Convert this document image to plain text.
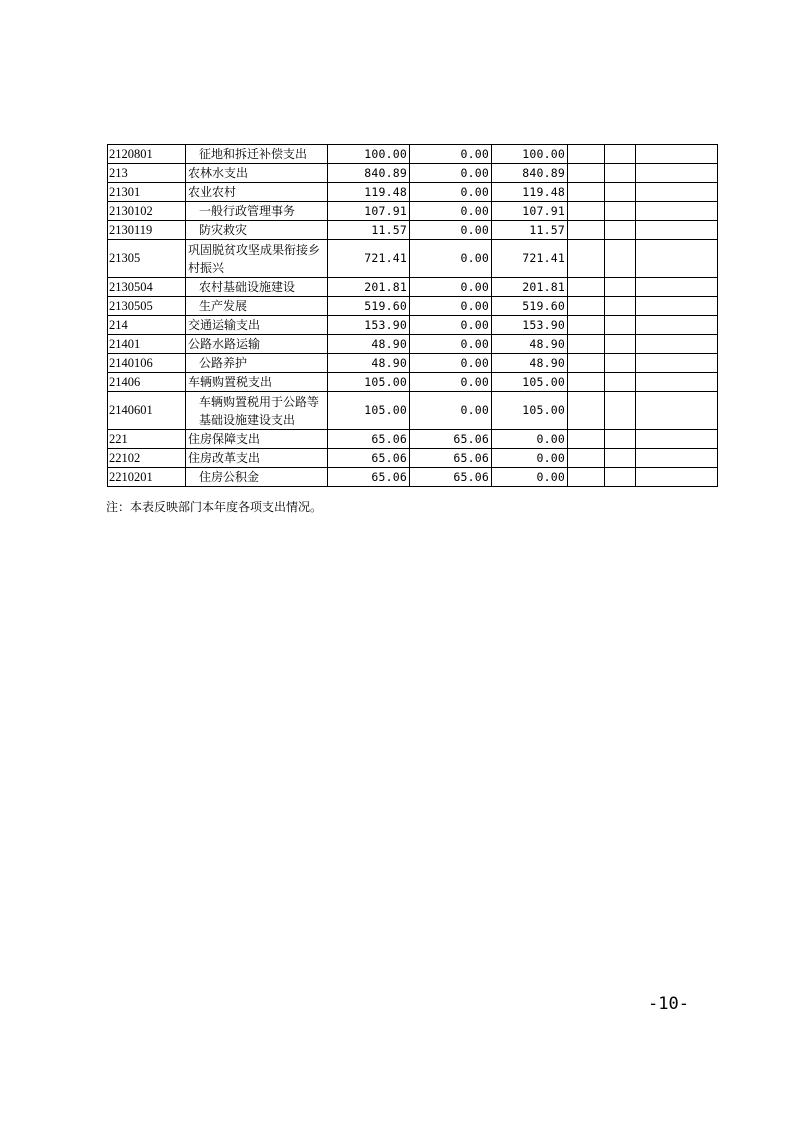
2120801	征地和拆迁补偿支出	100.00	0.00	100.00			
213	农林水支出	840.89	0.00	840.89			
21301	农业农村	119.48	0.00	119.48			
2130102	一般行政管理事务	107.91	0.00	107.91			
2130119	防灾救灾	11.57	0.00	11.57			
21305	巩固脱贫攻坚成果衔接乡村振兴	721.41	0.00	721.41			
2130504	农村基础设施建设	201.81	0.00	201.81			
2130505	生产发展	519.60	0.00	519.60			
214	交通运输支出	153.90	0.00	153.90			
21401	公路水路运输	48.90	0.00	48.90			
2140106	公路养护	48.90	0.00	48.90			
21406	车辆购置税支出	105.00	0.00	105.00			
2140601	车辆购置税用于公路等基础设施建设支出	105.00	0.00	105.00			
221	住房保障支出	65.06	65.06	0.00			
22102	住房改革支出	65.06	65.06	0.00			
2210201	住房公积金	65.06	65.06	0.00			
注：本表反映部门本年度各项支出情况。
-10-
